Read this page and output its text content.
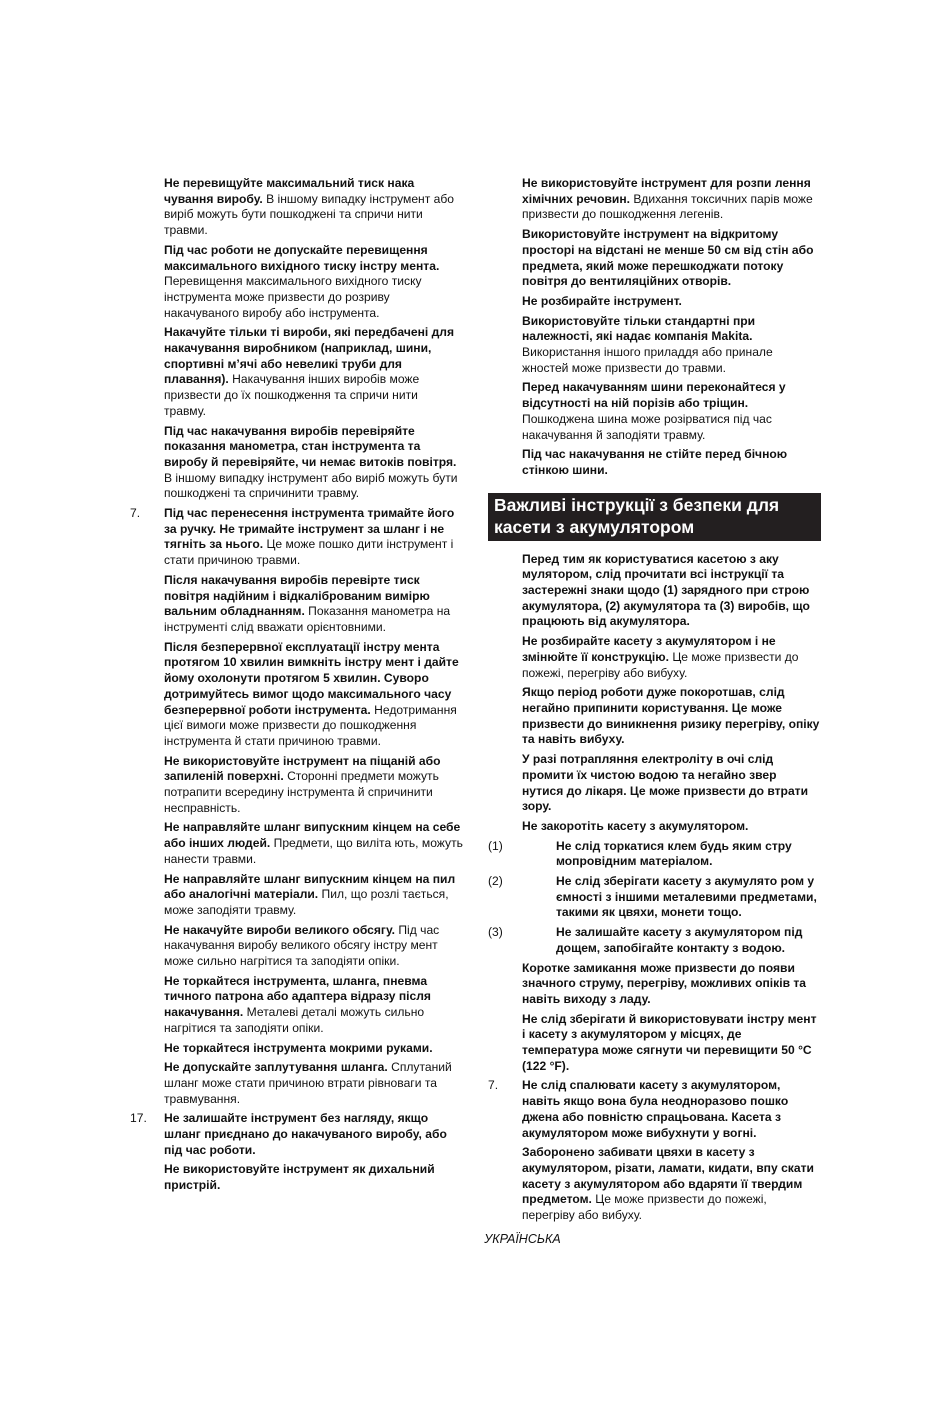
Не перевищуйте максимальний тиск нака чування виробу. В іншому випадку інструмент або виріб можуть бути пошкоджені та спричи нити травми.

Під час роботи не допускайте перевищення максимального вихідного тиску інстру мента. Перевищення максимального вихідного тиску інструмента може призвести до розриву накачуваного виробу або інструмента.

Накачуйте тільки ті вироби, які передбачені для накачування виробником (наприклад, шини, спортивні м’ячі або невеликі труби для плавання). Накачування інших виробів може призвести до їх пошкодження та спричи нити травму.

Під час накачування виробів перевіряйте показання манометра, стан інструмента та виробу й перевіряйте, чи немає витоків повітря. В іншому випадку інструмент або виріб можуть бути пошкоджені та спричинити травму.

7. Під час перенесення інструмента тримайте його за ручку. Не тримайте інструмент за шланг і не тягніть за нього. Це може пошко дити інструмент і стати причиною травми.

Після накачування виробів перевірте тиск повітря надійним і відкаліброваним вимірю вальним обладнанням. Показання манометра на інструменті слід вважати орієнтовними.

Після безперервної експлуатації інстру мента протягом 10 хвилин вимкніть інстру мент і дайте йому охолонути протягом 5 хвилин. Суворо дотримуйтесь вимог щодо максимального часу безперервної роботи інструмента. Недотримання цієї вимоги може призвести до пошкодження інструмента й стати причиною травми.

Не використовуйте інструмент на піщаній або запиленій поверхні. Сторонні предмети можуть потрапити всередину інструмента й спричинити несправність.

Не направляйте шланг випускним кінцем на себе або інших людей. Предмети, що виліта ють, можуть нанести травми.

Не направляйте шланг випускним кінцем на пил або аналогічні матеріали. Пил, що розлі тається, може заподіяти травму.

Не накачуйте вироби великого обсягу. Під час накачування виробу великого обсягу інстру мент може сильно нагрітися та заподіяти опіки.

Не торкайтеся інструмента, шланга, пневма тичного патрона або адаптера відразу після накачування. Металеві деталі можуть сильно нагрітися та заподіяти опіки.

Не торкайтеся інструмента мокрими руками.

Не допускайте заплутування шланга. Сплутаний шланг може стати причиною втрати рівноваги та травмування.

17. Не залишайте інструмент без нагляду, якщо шланг приєднано до накачуваного виробу, або під час роботи.

Не використовуйте інструмент як дихальний пристрій.

Не використовуйте інструмент для розпи лення хімічних речовин. Вдихання токсичних парів може призвести до пошкодження легенів.

Використовуйте інструмент на відкритому просторі на відстані не менше 50 см від стін або предмета, який може перешкоджати потоку повітря до вентиляційних отворів.

Не розбирайте інструмент.

Використовуйте тільки стандартні при належності, які надає компанія Makita. Використання іншого приладдя або принале жностей може призвести до травми.

Перед накачуванням шини переконайтеся у відсутності на ній порізів або тріщин. Пошкоджена шина може розірватися під час накачування й заподіяти травму.

Під час накачування не стійте перед бічною стінкою шини.

Важливі інструкції з безпеки для
касети з акумулятором

Перед тим як користуватися касетою з аку мулятором, слід прочитати всі інструкції та застережні знаки щодо (1) зарядного при строю акумулятора, (2) акумулятора та (3) виробів, що працюють від акумулятора.

Не розбирайте касету з акумулятором і не змінюйте її конструкцію. Це може призвести до пожежі, перегріву або вибуху.

Якщо період роботи дуже покоротшав, слід негайно припинити користування. Це може призвести до виникнення ризику перегріву, опіку та навіть вибуху.

У разі потрапляння електроліту в очі слід промити їх чистою водою та негайно звер нутися до лікаря. Це може призвести до втрати зору.

Не закоротіть касету з акумулятором.

(1)	Не слід торкатися клем будь яким стру мопровідним матеріалом.

(2)	Не слід зберігати касету з акумулято ром у ємності з іншими металевими предметами, такими як цвяхи, монети тощо.

(3)	Не залишайте касету з акумулятором під дощем, запобігайте контакту з водою.

Коротке замикання може призвести до появи значного струму, перегріву, можливих опіків та навіть виходу з ладу.

Не слід зберігати й використовувати інстру мент і касету з акумулятором у місцях, де температура може сягнути чи перевищити 50 °C (122 °F).

7. Не слід спалювати касету з акумулятором, навіть якщо вона була неодноразово пошко джена або повністю спрацьована. Касета з акумулятором може вибухнути у вогні.

Заборонено забивати цвяхи в касету з акумулятором, різати, ламати, кидати, впу скати касету з акумулятором або вдаряти її твердим предметом. Це може призвести до пожежі, перегріву або вибуху.

УКРАЇНСЬКА
